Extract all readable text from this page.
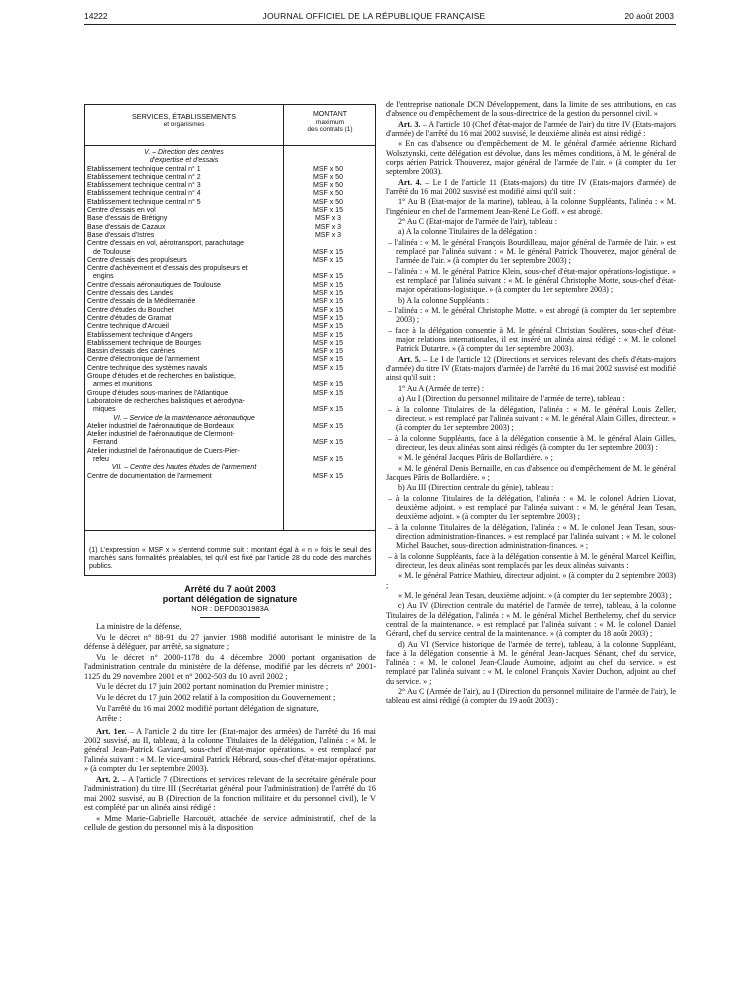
14222	JOURNAL OFFICIEL DE LA RÉPUBLIQUE FRANÇAISE	20 août 2003
SERVICES, ÉTABLISSEMENTS
et organismes
MONTANT
maximum
des contrats (1)
V. – Direction des centres
d'expertise et d'essais
Etablissement technique central n° 1	MSF x 50
Etablissement technique central n° 2	MSF x 50
Etablissement technique central n° 3	MSF x 50
Etablissement technique central n° 4	MSF x 50
Etablissement technique central n° 5	MSF x 50
Centre d'essais en vol	MSF x 15
Base d'essais de Brétigny	MSF x 3
Base d'essais de Cazaux	MSF x 3
Base d'essais d'Istres	MSF x 3
Centre d'essais en vol, aérotransport, parachutage
de Toulouse	MSF x 15
Centre d'essais des propulseurs	MSF x 15
Centre d'achèvement et d'essais des propulseurs et
engins	MSF x 15
Centre d'essais aéronautiques de Toulouse	MSF x 15
Centre d'essais des Landes	MSF x 15
Centre d'essais de la Méditerranée	MSF x 15
Centre d'études du Bouchet	MSF x 15
Centre d'études de Gramat	MSF x 15
Centre technique d'Arcueil	MSF x 15
Etablissement technique d'Angers	MSF x 15
Etablissement technique de Bourges	MSF x 15
Bassin d'essais des carènes	MSF x 15
Centre d'électronique de l'armement	MSF x 15
Centre technique des systèmes navals	MSF x 15
Groupe d'études et de recherches en balistique,
armes et munitions	MSF x 15
Groupe d'études sous-marines de l'Atlantique	MSF x 15
Laboratoire de recherches balistiques et aérodyna-
miques	MSF x 15
VI. – Service de la maintenance aéronautique
Atelier industriel de l'aéronautique de Bordeaux	MSF x 15
Atelier industriel de l'aéronautique de Clermont-
Ferrand	MSF x 15
Atelier industriel de l'aéronautique de Cuers-Pier-
refeu	MSF x 15
VII. – Centre des hautes études de l'armement
Centre de documentation de l'armement	MSF x 15
(1) L'expression « MSF x » s'entend comme suit : montant égal à « n » fois le seuil des marchés sans formalités préalables, tel qu'il est fixé par l'article 28 du code des marchés publics.
Arrêté du 7 août 2003
portant délégation de signature
NOR : DEFD0301983A

La ministre de la défense,

Vu le décret n° 88-91 du 27 janvier 1988 modifié autorisant le ministre de la défense à déléguer, par arrêté, sa signature ;

Vu le décret n° 2000-1178 du 4 décembre 2000 portant organisation de l'administration centrale du ministère de la défense, modifié par les décrets n° 2001-1125 du 29 novembre 2001 et n° 2002-503 du 10 avril 2002 ;

Vu le décret du 17 juin 2002 portant nomination du Premier ministre ;

Vu le décret du 17 juin 2002 relatif à la composition du Gouvernement ;

Vu l'arrêté du 16 mai 2002 modifié portant délégation de signature,

Arrête :

Art. 1er. – A l'article 2 du titre Ier (Etat-major des armées) de l'arrêté du 16 mai 2002 susvisé, au II, tableau, à la colonne Titulaires de la délégation, l'alinéa : « M. le général Jean-Patrick Gaviard, sous-chef d'état-major opérations. » est remplacé par l'alinéa suivant : « M. le vice-amiral Patrick Hébrard, sous-chef d'état-major opérations. » (à compter du 1er septembre 2003).

Art. 2. – A l'article 7 (Directions et services relevant de la secrétaire générale pour l'administration) du titre III (Secrétariat général pour l'administration) de l'arrêté du 16 mai 2002 susvisé, au B (Direction de la fonction militaire et du personnel civil), le V est complété par un alinéa ainsi rédigé :

« Mme Marie-Gabrielle Harcouët, attachée de service administratif, chef de la cellule de gestion du personnel mis à la disposition

de l'entreprise nationale DCN Développement, dans la limite de ses attributions, en cas d'absence ou d'empêchement de la sous-directrice de la gestion du personnel civil. »

Art. 3. – A l'article 10 (Chef d'état-major de l'armée de l'air) du titre IV (Etats-majors d'armée) de l'arrêté du 16 mai 2002 susvisé, le deuxième alinéa est ainsi rédigé :

« En cas d'absence ou d'empêchement de M. le général d'armée aérienne Richard Wolsztynski, cette délégation est dévolue, dans les mêmes conditions, à M. le général de corps aérien Patrick Thouverez, major général de l'armée de l'air. » (à compter du 1er septembre 2003).

Art. 4. – Le I de l'article 11 (Etats-majors) du titre IV (Etats-majors d'armée) de l'arrêté du 16 mai 2002 susvisé est modifié ainsi qu'il suit :

1° Au B (Etat-major de la marine), tableau, à la colonne Suppléants, l'alinéa : « M. l'ingénieur en chef de l'armement Jean-René Le Goff. » est abrogé.

2° Au C (Etat-major de l'armée de l'air), tableau :

a) A la colonne Titulaires de la délégation :

– l'alinéa : « M. le général François Bourdilleau, major général de l'armée de l'air. » est remplacé par l'alinéa suivant : « M. le général Patrick Thouverez, major général de l'armée de l'air. » (à compter du 1er septembre 2003) ;

– l'alinéa : « M. le général Patrice Klein, sous-chef d'état-major opérations-logistique. » est remplacé par l'alinéa suivant : « M. le général Christophe Motte, sous-chef d'état-major opérations-logistique. » (à compter du 1er septembre 2003) ;

b) A la colonne Suppléants :

– l'alinéa : « M. le général Christophe Motte. » est abrogé (à compter du 1er septembre 2003) ;

– face à la délégation consentie à M. le général Christian Soulères, sous-chef d'état-major relations internationales, il est inséré un alinéa ainsi rédigé : « M. le colonel Patrick Dutartre. » (à compter du 1er septembre 2003).

Art. 5. – Le I de l'article 12 (Directions et services relevant des chefs d'états-majors d'armée) du titre IV (Etats-majors d'armée) de l'arrêté du 16 mai 2002 susvisé est modifié ainsi qu'il suit :

1° Au A (Armée de terre) :

a) Au I (Direction du personnel militaire de l'armée de terre), tableau :

– à la colonne Titulaires de la délégation, l'alinéa : « M. le général Louis Zeller, directeur. » est remplacé par l'alinéa suivant : « M. le général Alain Gilles, directeur. » (à compter du 1er septembre 2003) ;

– à la colonne Suppléants, face à la délégation consentie à M. le général Alain Gilles, directeur, les deux alinéas sont ainsi rédigés (à compter du 1er septembre 2003) :

« M. le général Jacques Pâris de Bollardière. » ;

« M. le général Denis Bernaille, en cas d'absence ou d'empêchement de M. le général Jacques Pâris de Bollardière. » ;

b) Au III (Direction centrale du génie), tableau :

– à la colonne Titulaires de la délégation, l'alinéa : « M. le colonel Adrien Liovat, deuxième adjoint. » est remplacé par l'alinéa suivant : « M. le général Jean Tesan, deuxième adjoint. » (à compter du 1er septembre 2003) ;

– à la colonne Titulaires de la délégation, l'alinéa : « M. le colonel Jean Tesan, sous-direction administration-finances. » est remplacé par l'alinéa suivant : « M. le colonel Michel Bauchet, sous-direction administration-finances. » ;

– à la colonne Suppléants, face à la délégation consentie à M. le général Marcel Keiflin, directeur, les deux alinéas sont remplacés par les deux alinéas suivants :

« M. le général Patrice Mathieu, directeur adjoint. » (à compter du 2 septembre 2003) ;

« M. le général Jean Tesan, deuxième adjoint. » (à compter du 1er septembre 2003) ;

c) Au IV (Direction centrale du matériel de l'armée de terre), tableau, à la colonne Titulaires de la délégation, l'alinéa : « M. le général Michel Berthelemy, chef du service central de la maintenance. » est remplacé par l'alinéa suivant : « M. le colonel Daniel Gérard, chef du service central de la maintenance. » (à compter du 18 août 2003) ;

d) Au VI (Service historique de l'armée de terre), tableau, à la colonne Suppléant, face à la délégation consentie à M. le général Jean-Jacques Sénant, chef du service, l'alinéa : « M. le colonel Jean-Claude Aumoine, adjoint au chef du service. » est remplacé par l'alinéa suivant : « M. le colonel François Xavier Duchon, adjoint au chef du service. » ;

2° Au C (Armée de l'air), au I (Direction du personnel militaire de l'armée de l'air), le tableau est ainsi rédigé (à compter du 19 août 2003) :
